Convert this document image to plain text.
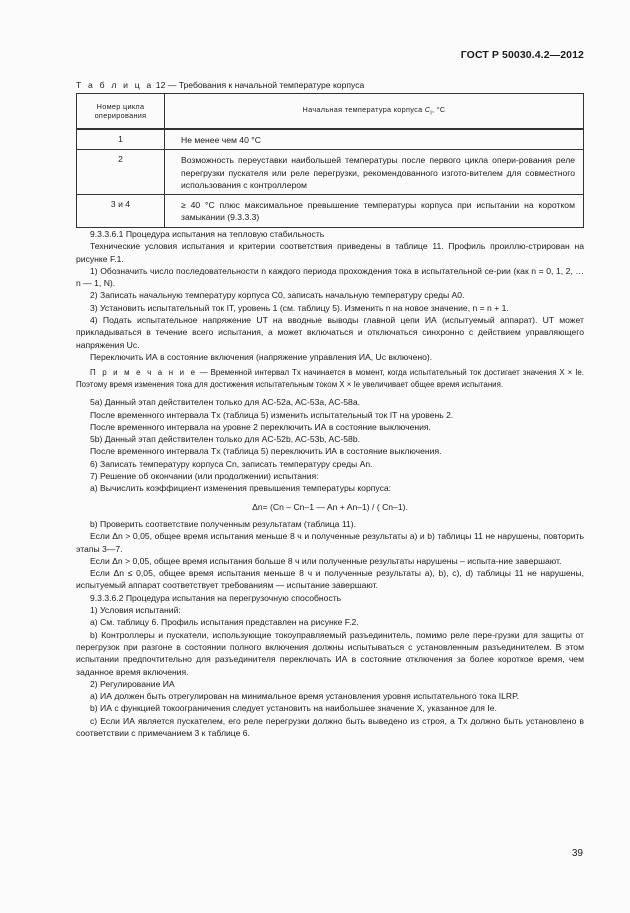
ГОСТ Р 50030.4.2—2012
Т а б л и ц а 12 — Требования к начальной температуре корпуса
Номер цикла оперирования	Начальная температура корпуса $C_i$, °С
1	Не менее чем 40 °С
2	Возможность переуставки наибольшей температуры после первого цикла опери-рования реле перегрузки пускателя или реле перегрузки, рекомендованного изгото-вителем для совместного использования с контроллером
3 и 4	≥ 40 °С плюс максимальное превышение температуры корпуса при испытании на коротком замыкании (9.3.3.3)

9.3.3.6.1 Процедура испытания на тепловую стабильность

Технические условия испытания и критерии соответствия приведены в таблице 11. Профиль проиллю-стрирован на рисунке F.1.

1) Обозначить число последовательности n каждого периода прохождения тока в испытательной се-рии (как n = 0, 1, 2, … n — 1, N).

2) Записать начальную температуру корпуса C0, записать начальную температуру среды A0.

3) Установить испытательный ток IT, уровень 1 (см. таблицу 5). Изменить n на новое значение, n = n + 1.

4) Подать испытательное напряжение UT на вводные выводы главной цепи ИА (испытуемый аппарат). UT может прикладываться в течение всего испытания, а может включаться и отключаться синхронно с действием управляющего напряжения Uc.

Переключить ИА в состояние включения (напряжение управления ИА, Uc включено).

П р и м е ч а н и е — Временной интервал Tx начинается в момент, когда испытательный ток достигает значения X × Ie. Поэтому время изменения тока для достижения испытательным током X × Ie увеличивает общее время испытания.

5a) Данный этап действителен только для AC-52a, AC-53a, AC-58a.

После временного интервала Tx (таблица 5) изменить испытательный ток IT на уровень 2.

После временного интервала на уровне 2 переключить ИА в состояние выключения.

5b) Данный этап действителен только для AC-52b, AC-53b, AC-58b.

После временного интервала Tx (таблица 5) переключить ИА в состояние выключения.

6) Записать температуру корпуса Cn, записать температуру среды An.

7) Решение об окончании (или продолжении) испытания:

a) Вычислить коэффициент изменения превышения температуры корпуса:

Δn= (Cn – Cn–1 — An + An–1) / ( Cn–1).

b) Проверить соответствие полученным результатам (таблица 11).

Если Δn > 0,05, общее время испытания меньше 8 ч и полученные результаты a) и b) таблицы 11 не нарушены, повторить этапы 3—7.

Если Δn > 0,05, общее время испытания больше 8 ч или полученные результаты нарушены – испыта-ние завершают.

Если Δn ≤ 0,05, общее время испытания меньше 8 ч и полученные результаты a), b), c), d) таблицы 11 не нарушены, испытуемый аппарат соответствует требованиям — испытание завершают.

9.3.3.6.2 Процедура испытания на перегрузочную способность

1) Условия испытаний:

a) См. таблицу 6. Профиль испытания представлен на рисунке F.2.

b) Контроллеры и пускатели, использующие токоуправляемый разъединитель, помимо реле пере-грузки для защиты от перегрузок при разгоне в состоянии полного включения должны испытываться с установленным разъединителем. В этом испытании предпочтительно для разъединителя переключать ИА в состояние отключения за более короткое время, чем заданное время включения.

2) Регулирование ИА

a) ИА должен быть отрегулирован на минимальное время установления уровня испытательного тока ILRP.

b) ИА с функцией токоограничения следует установить на наибольшее значение X, указанное для Ie.

c) Если ИА является пускателем, его реле перегрузки должно быть выведено из строя, а Tx должно быть установлено в соответствии с примечанием 3 к таблице 6.

39
